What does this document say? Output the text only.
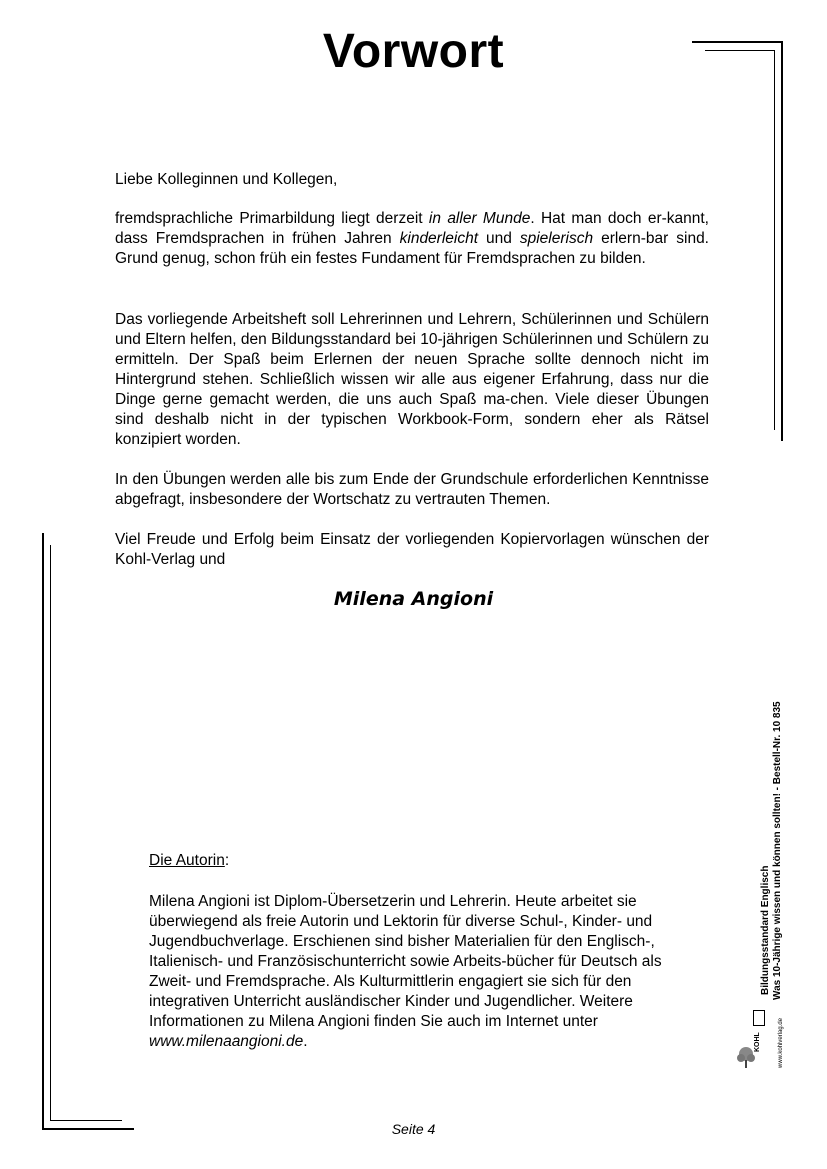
Vorwort

Liebe Kolleginnen und Kollegen,

fremdsprachliche Primarbildung liegt derzeit in aller Munde. Hat man doch er-kannt, dass Fremdsprachen in frühen Jahren kinderleicht und spielerisch erlern-bar sind. Grund genug, schon früh ein festes Fundament für Fremdsprachen zu bilden.

Das vorliegende Arbeitsheft soll Lehrerinnen und Lehrern, Schülerinnen und Schülern und Eltern helfen, den Bildungsstandard bei 10-jährigen Schülerinnen und Schülern zu ermitteln. Der Spaß beim Erlernen der neuen Sprache sollte dennoch nicht im Hintergrund stehen. Schließlich wissen wir alle aus eigener Erfahrung, dass nur die Dinge gerne gemacht werden, die uns auch Spaß ma-chen. Viele dieser Übungen sind deshalb nicht in der typischen Workbook-Form, sondern eher als Rätsel konzipiert worden.

In den Übungen werden alle bis zum Ende der Grundschule erforderlichen Kenntnisse abgefragt, insbesondere der Wortschatz zu vertrauten Themen.

Viel Freude und Erfolg beim Einsatz der vorliegenden Kopiervorlagen wünschen der Kohl-Verlag und

Milena Angioni
Die Autorin:

Milena Angioni ist Diplom-Übersetzerin und Lehrerin. Heute arbeitet sie überwiegend als freie Autorin und Lektorin für diverse Schul-, Kinder- und Jugendbuchverlage. Erschienen sind bisher Materialien für den Englisch-, Italienisch- und Französischunterricht sowie Arbeits-bücher für Deutsch als Zweit- und Fremdsprache. Als Kulturmittlerin engagiert sie sich für den integrativen Unterricht ausländischer Kinder und Jugendlicher. Weitere Informationen zu Milena Angioni finden Sie auch im Internet unter www.milenaangioni.de.

Seite 4
Bildungsstandard Englisch Was 10-Jährige wissen und können sollten! - Bestell-Nr. 10 835
www.kohlverlag.de
KOHL
